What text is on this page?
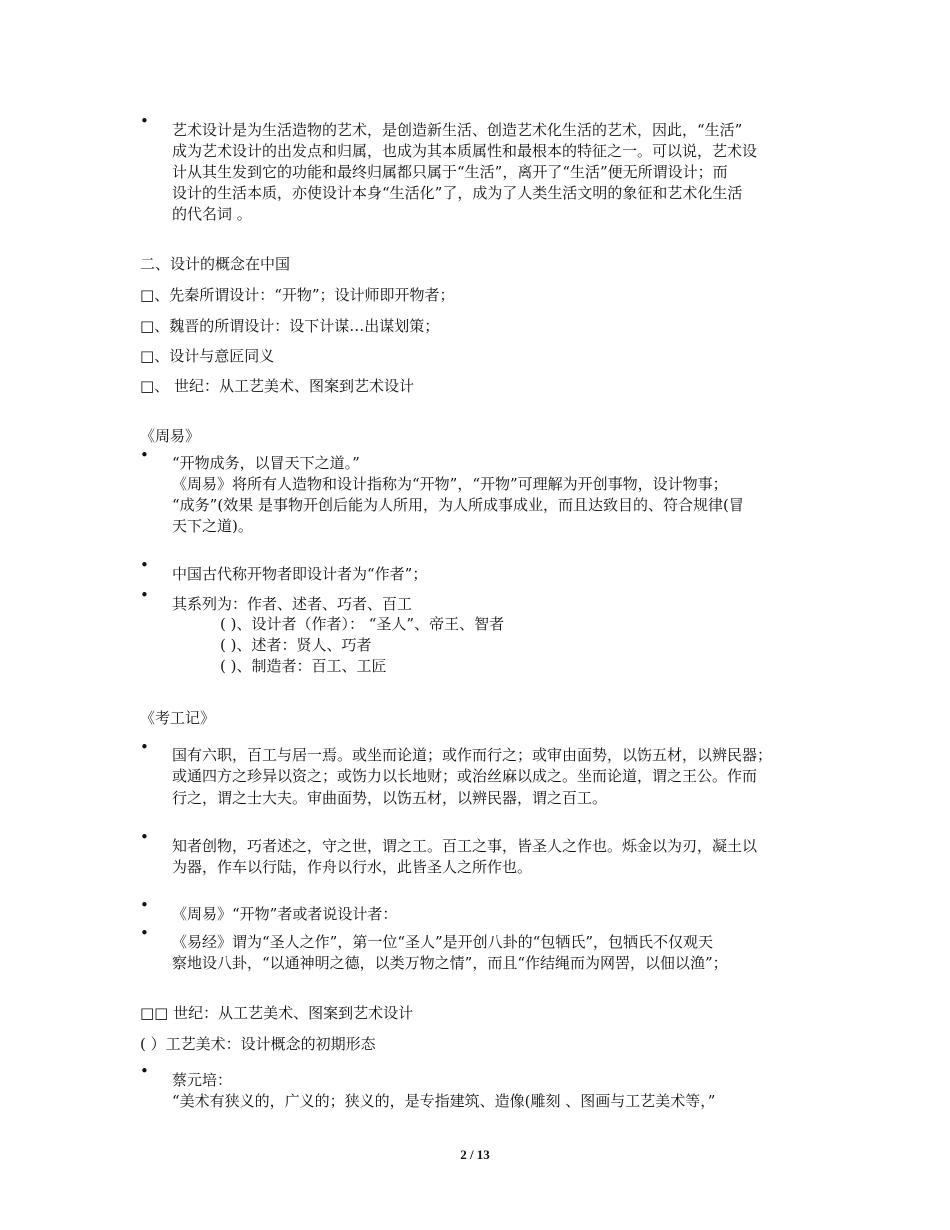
• 艺术设计是为生活造物的艺术，是创造新生活、创造艺术化生活的艺术，因此，“生活”
成为艺术设计的出发点和归属，也成为其本质属性和最根本的特征之一。可以说，艺术设
计从其生发到它的功能和最终归属都只属于“生活”，离开了“生活”便无所谓设计；而
设计的生活本质，亦使设计本身“生活化”了，成为了人类生活文明的象征和艺术化生活
的代名词 。
二、设计的概念在中国
□、先秦所谓设计：“开物”；设计师即开物者；
□、魏晋的所谓设计：设下计谋…出谋划策；
□、设计与意匠同义
□、 世纪：从工艺美术、图案到艺术设计
《周易》
• “开物成务，以冒天下之道。”
《周易》将所有人造物和设计指称为“开物”，“开物”可理解为开创事物，设计物事；
“成务”(效果 是事物开创后能为人所用，为人所成事成业，而且达致目的、符合规律(冒
天下之道)。
• 中国古代称开物者即设计者为“作者”；
• 其系列为：作者、述者、巧者、百工
( )、设计者（作者）： “圣人”、帝王、智者
( )、述者：贤人、巧者
( )、制造者：百工、工匠
《考工记》
• 国有六职，百工与居一焉。或坐而论道；或作而行之；或审由面势，以饬五材，以辨民器；
或通四方之珍异以资之；或饬力以长地财；或治丝麻以成之。坐而论道，谓之王公。作而
行之，谓之士大夫。审曲面势，以饬五材，以辨民器，谓之百工。
• 知者创物，巧者述之，守之世，谓之工。百工之事，皆圣人之作也。烁金以为刃，凝土以
为器，作车以行陆，作舟以行水，此皆圣人之所作也。
• 《周易》“开物”者或者说设计者：
• 《易经》谓为“圣人之作”，第一位“圣人”是开创八卦的“包牺氏”，包牺氏不仅观天
察地设八卦，“以通神明之德，以类万物之情”，而且“作结绳而为网罟，以佃以渔”；
□□ 世纪：从工艺美术、图案到艺术设计
( ）工艺美术：设计概念的初期形态
• 蔡元培：
“美术有狭义的，广义的；狭义的，是专指建筑、造像(雕刻 、图画与工艺美术等，”
2 / 13
